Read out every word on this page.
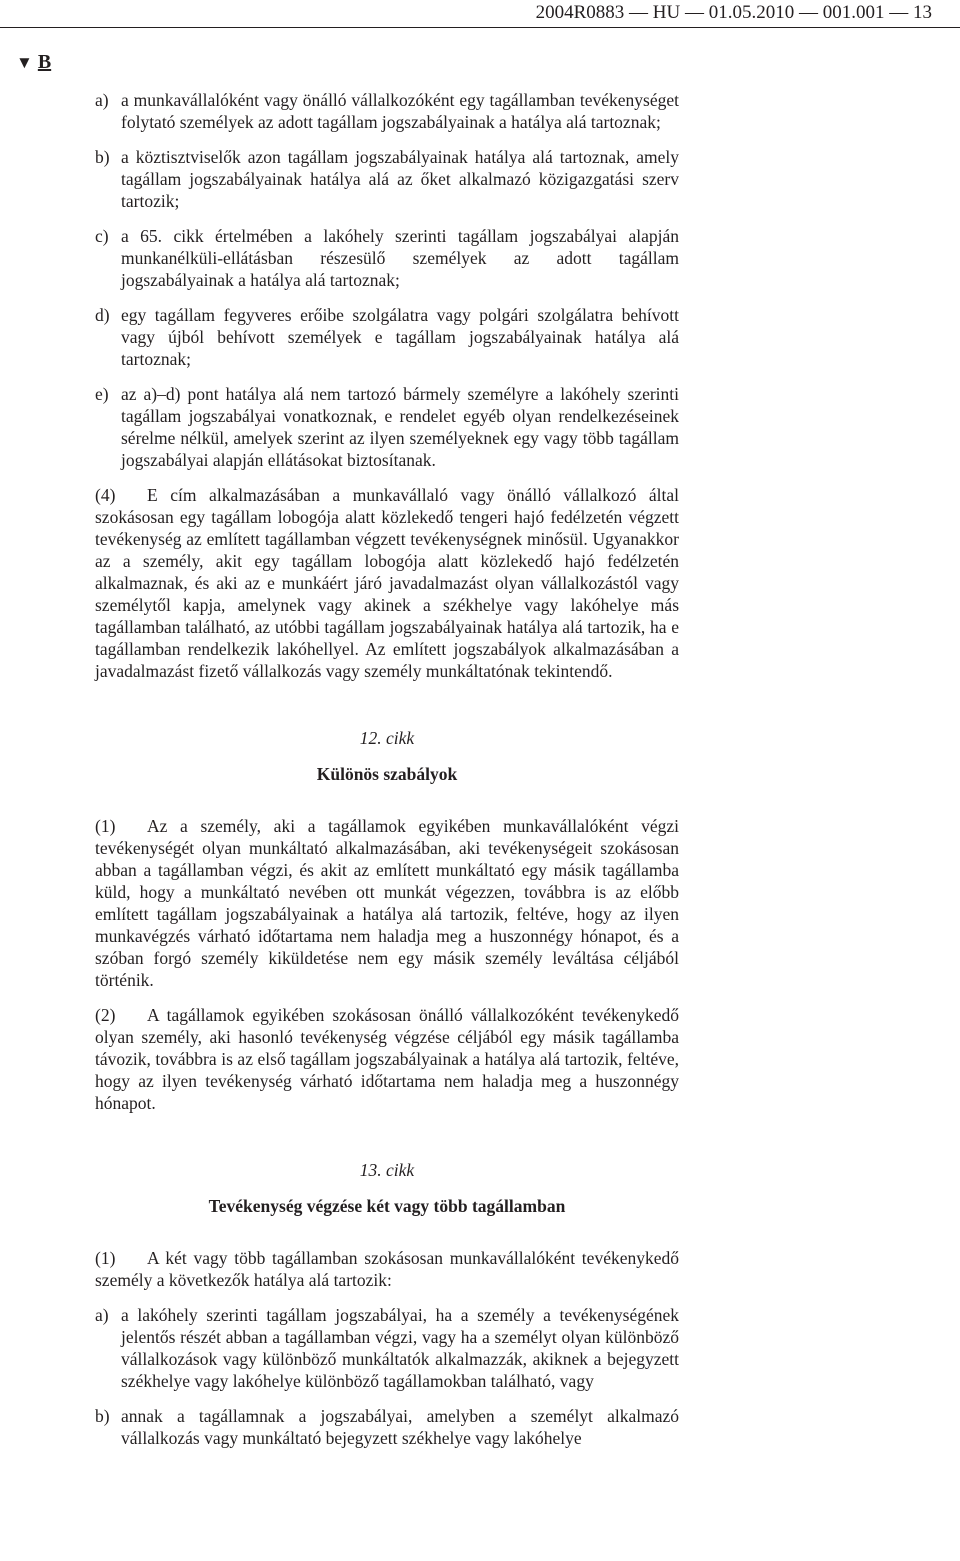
2004R0883 — HU — 01.05.2010 — 001.001 — 13
▼ B
a) a munkavállalóként vagy önálló vállalkozóként egy tagállamban tevékenységet folytató személyek az adott tagállam jogszabályainak a hatálya alá tartoznak;
b) a köztisztviselők azon tagállam jogszabályainak hatálya alá tartoznak, amely tagállam jogszabályainak hatálya alá az őket alkalmazó közigazgatási szerv tartozik;
c) a 65. cikk értelmében a lakóhely szerinti tagállam jogszabályai alapján munkanélküli-ellátásban részesülő személyek az adott tagállam jogszabályainak a hatálya alá tartoznak;
d) egy tagállam fegyveres erőibe szolgálatra vagy polgári szolgálatra behívott vagy újból behívott személyek e tagállam jogszabályainak hatálya alá tartoznak;
e) az a)–d) pont hatálya alá nem tartozó bármely személyre a lakóhely szerinti tagállam jogszabályai vonatkoznak, e rendelet egyéb olyan rendelkezéseinek sérelme nélkül, amelyek szerint az ilyen személyeknek egy vagy több tagállam jogszabályai alapján ellátásokat biztosítanak.

(4) E cím alkalmazásában a munkavállaló vagy önálló vállalkozó által szokásosan egy tagállam lobogója alatt közlekedő tengeri hajó fedélzetén végzett tevékenység az említett tagállamban végzett tevékenységnek minősül. Ugyanakkor az a személy, akit egy tagállam lobogója alatt közlekedő hajó fedélzetén alkalmaznak, és aki az e munkáért járó javadalmazást olyan vállalkozástól vagy személytől kapja, amelynek vagy akinek a székhelye vagy lakóhelye más tagállamban található, az utóbbi tagállam jogszabályainak hatálya alá tartozik, ha e tagállamban rendelkezik lakóhellyel. Az említett jogszabályok alkalmazásában a javadalmazást fizető vállalkozás vagy személy munkáltatónak tekintendő.

12. cikk
Különös szabályok

(1) Az a személy, aki a tagállamok egyikében munkavállalóként végzi tevékenységét olyan munkáltató alkalmazásában, aki tevékenységeit szokásosan abban a tagállamban végzi, és akit az említett munkáltató egy másik tagállamba küld, hogy a munkáltató nevében ott munkát végezzen, továbbra is az előbb említett tagállam jogszabályainak a hatálya alá tartozik, feltéve, hogy az ilyen munkavégzés várható időtartama nem haladja meg a huszonnégy hónapot, és a szóban forgó személy kiküldetése nem egy másik személy leváltása céljából történik.

(2) A tagállamok egyikében szokásosan önálló vállalkozóként tevékenykedő olyan személy, aki hasonló tevékenység végzése céljából egy másik tagállamba távozik, továbbra is az első tagállam jogszabályainak a hatálya alá tartozik, feltéve, hogy az ilyen tevékenység várható időtartama nem haladja meg a huszonnégy hónapot.

13. cikk
Tevékenység végzése két vagy több tagállamban

(1) A két vagy több tagállamban szokásosan munkavállalóként tevékenykedő személy a következők hatálya alá tartozik:

a) a lakóhely szerinti tagállam jogszabályai, ha a személy a tevékenységének jelentős részét abban a tagállamban végzi, vagy ha a személyt olyan különböző vállalkozások vagy különböző munkáltatók alkalmazzák, akiknek a bejegyzett székhelye vagy lakóhelye különböző tagállamokban található, vagy
b) annak a tagállamnak a jogszabályai, amelyben a személyt alkalmazó vállalkozás vagy munkáltató bejegyzett székhelye vagy lakóhelye
